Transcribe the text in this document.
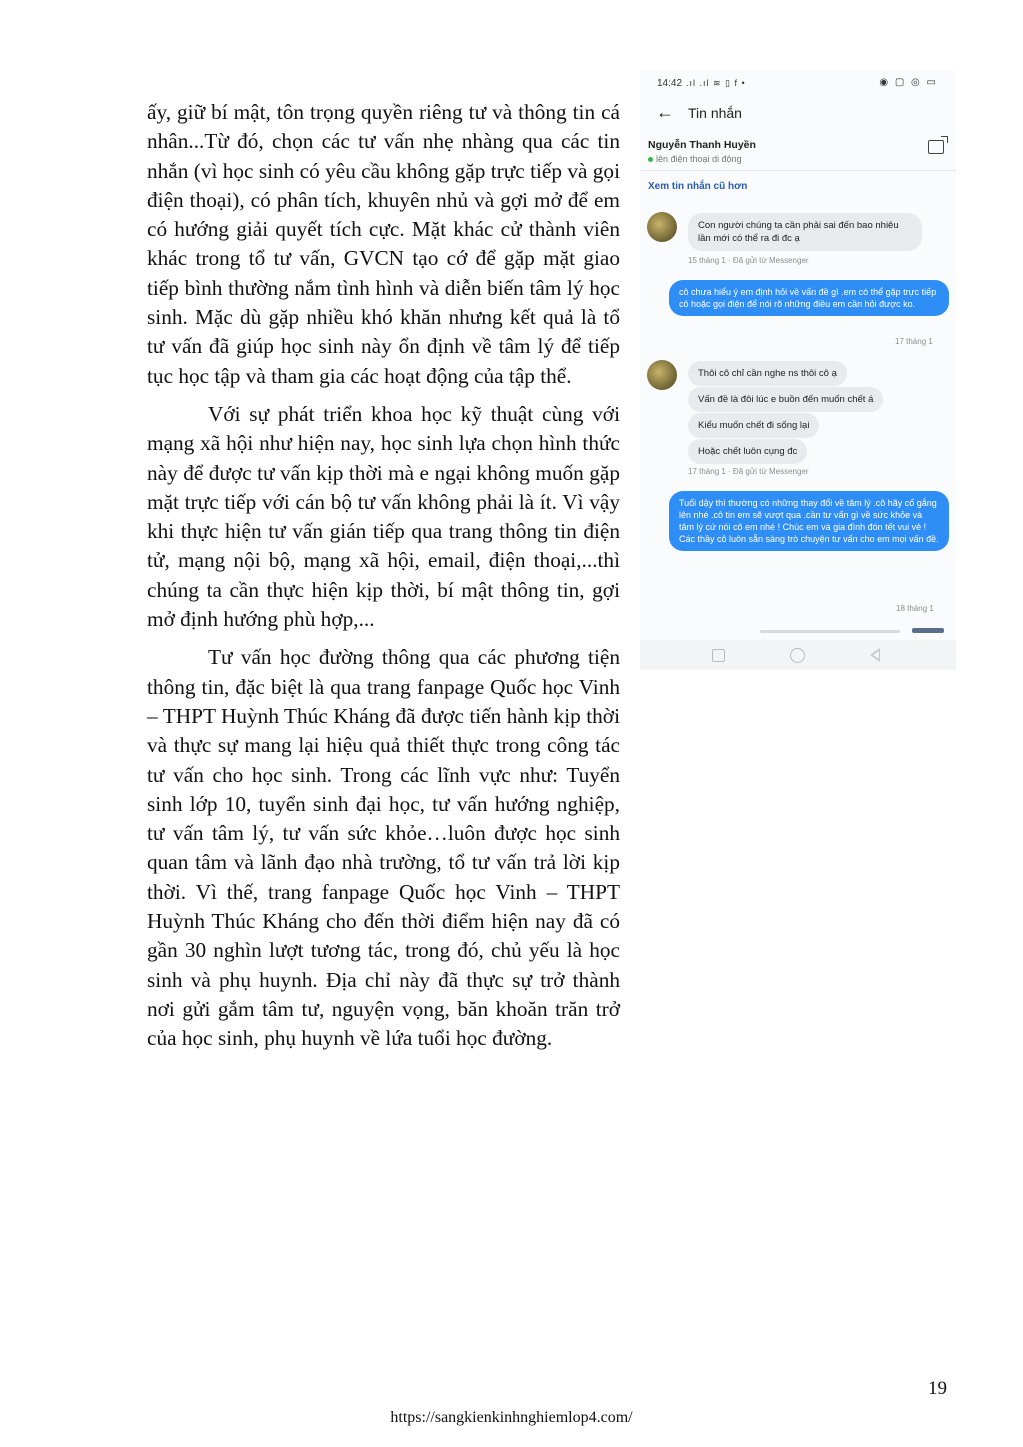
ấy, giữ bí mật, tôn trọng quyền riêng tư và thông tin cá nhân...Từ đó, chọn các tư vấn nhẹ nhàng qua các tin nhắn (vì học sinh có yêu cầu không gặp trực tiếp và gọi điện thoại), có phân tích, khuyên nhủ và gợi mở để em có hướng giải quyết tích cực. Mặt khác cử thành viên khác trong tổ tư vấn, GVCN tạo cớ để gặp mặt giao tiếp bình thường nắm tình hình và diễn biến tâm lý học sinh. Mặc dù gặp nhiều khó khăn nhưng kết quả là tổ tư vấn đã giúp học sinh này ổn định về tâm lý để tiếp tục học tập và tham gia các hoạt động của tập thể.

Với sự phát triển khoa học kỹ thuật cùng với mạng xã hội như hiện nay, học sinh lựa chọn hình thức này để được tư vấn kịp thời mà e ngại không muốn gặp mặt trực tiếp với cán bộ tư vấn không phải là ít. Vì vậy khi thực hiện tư vấn gián tiếp qua trang thông tin điện tử, mạng nội bộ, mạng xã hội, email, điện thoại,...thì chúng ta cần thực hiện kịp thời, bí mật thông tin, gợi mở định hướng phù hợp,...

Tư vấn học đường thông qua các phương tiện thông tin, đặc biệt là qua trang fanpage Quốc học Vinh – THPT Huỳnh Thúc Kháng đã được tiến hành kịp thời và thực sự mang lại hiệu quả thiết thực trong công tác tư vấn cho học sinh. Trong các lĩnh vực như: Tuyển sinh lớp 10, tuyển sinh đại học, tư vấn hướng nghiệp, tư vấn tâm lý, tư vấn sức khỏe…luôn được học sinh quan tâm và lãnh đạo nhà trường, tổ tư vấn trả lời kịp thời. Vì thế, trang fanpage Quốc học Vinh – THPT Huỳnh Thúc Kháng cho đến thời điểm hiện nay đã có gần 30 nghìn lượt tương tác, trong đó, chủ yếu là học sinh và phụ huynh. Địa chỉ này đã thực sự trở thành nơi gửi gắm tâm tư, nguyện vọng, băn khoăn trăn trở của học sinh, phụ huynh về lứa tuổi học đường.

14:42 .ıl .ıl ≋ ▯ f •	◉ ▢ ◎ ▭
← Tin nhắn
Nguyễn Thanh Huyền
lên điện thoại di động
Xem tin nhắn cũ hơn
Con người chúng ta cần phải sai đến bao nhiêu lần mới có thể ra đi đc ạ
15 tháng 1 · Đã gửi từ Messenger
cô chưa hiểu ý em định hỏi về vấn đề gì .em có thể gặp trực tiếp cô hoặc gọi điện để nói rõ những điều em cần hỏi được ko.
17 tháng 1
Thôi cô chỉ cần nghe ns thôi cô ạ
Vấn đề là đôi lúc e buồn đến muốn chết á
Kiểu muốn chết đi sống lại
Hoặc chết luôn cụng đc
17 tháng 1 · Đã gửi từ Messenger
Tuổi dậy thì thường có những thay đổi về tâm lý .cô hãy cố gắng lên nhé .cô tin em sẽ vượt qua .cần tư vấn gì về sức khỏe và tâm lý cứ nói cô em nhé ! Chúc em và gia đình đón tết vui vẻ ! Các thầy cô luôn sẵn sàng trò chuyện tư vấn cho em mọi vấn đề.
18 tháng 1
19
https://sangkienkinhnghiemlop4.com/
